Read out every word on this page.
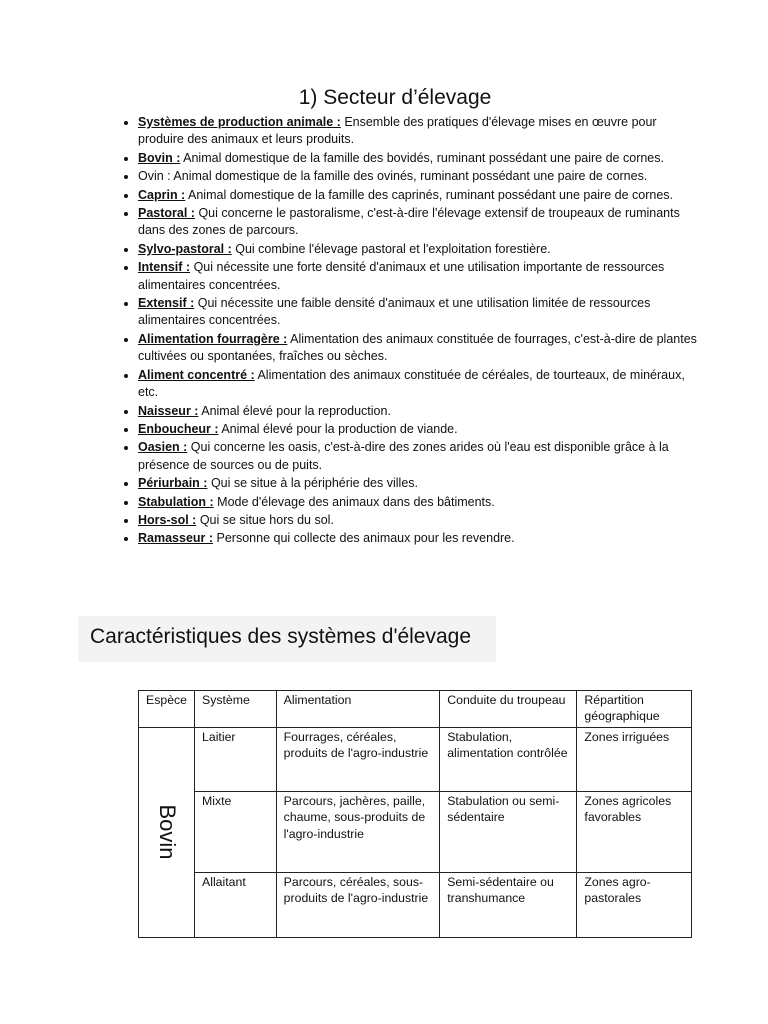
1) Secteur d’élevage
• Systèmes de production animale : Ensemble des pratiques d'élevage mises en œuvre pour produire des animaux et leurs produits.
• Bovin : Animal domestique de la famille des bovidés, ruminant possédant une paire de cornes.
• Ovin : Animal domestique de la famille des ovinés, ruminant possédant une paire de cornes.
• Caprin : Animal domestique de la famille des caprinés, ruminant possédant une paire de cornes.
• Pastoral : Qui concerne le pastoralisme, c'est-à-dire l'élevage extensif de troupeaux de ruminants dans des zones de parcours.
• Sylvo-pastoral : Qui combine l'élevage pastoral et l'exploitation forestière.
• Intensif : Qui nécessite une forte densité d'animaux et une utilisation importante de ressources alimentaires concentrées.
• Extensif : Qui nécessite une faible densité d'animaux et une utilisation limitée de ressources alimentaires concentrées.
• Alimentation fourragère : Alimentation des animaux constituée de fourrages, c'est-à-dire de plantes cultivées ou spontanées, fraîches ou sèches.
• Aliment concentré : Alimentation des animaux constituée de céréales, de tourteaux, de minéraux, etc.
• Naisseur : Animal élevé pour la reproduction.
• Enboucheur : Animal élevé pour la production de viande.
• Oasien : Qui concerne les oasis, c'est-à-dire des zones arides où l'eau est disponible grâce à la présence de sources ou de puits.
• Périurbain : Qui se situe à la périphérie des villes.
• Stabulation : Mode d'élevage des animaux dans des bâtiments.
• Hors-sol : Qui se situe hors du sol.
• Ramasseur : Personne qui collecte des animaux pour les revendre.
Caractéristiques des systèmes d'élevage
Espèce	Système	Alimentation	Conduite du troupeau	Répartition géographique

Bovin	Laitier	Fourrages, céréales, produits de l'agro-industrie	Stabulation, alimentation contrôlée	Zones irriguées
	Mixte	Parcours, jachères, paille, chaume, sous-produits de l'agro-industrie	Stabulation ou semi-sédentaire	Zones agricoles favorables
	Allaitant	Parcours, céréales, sous-produits de l'agro-industrie	Semi-sédentaire ou transhumance	Zones agro-pastorales
